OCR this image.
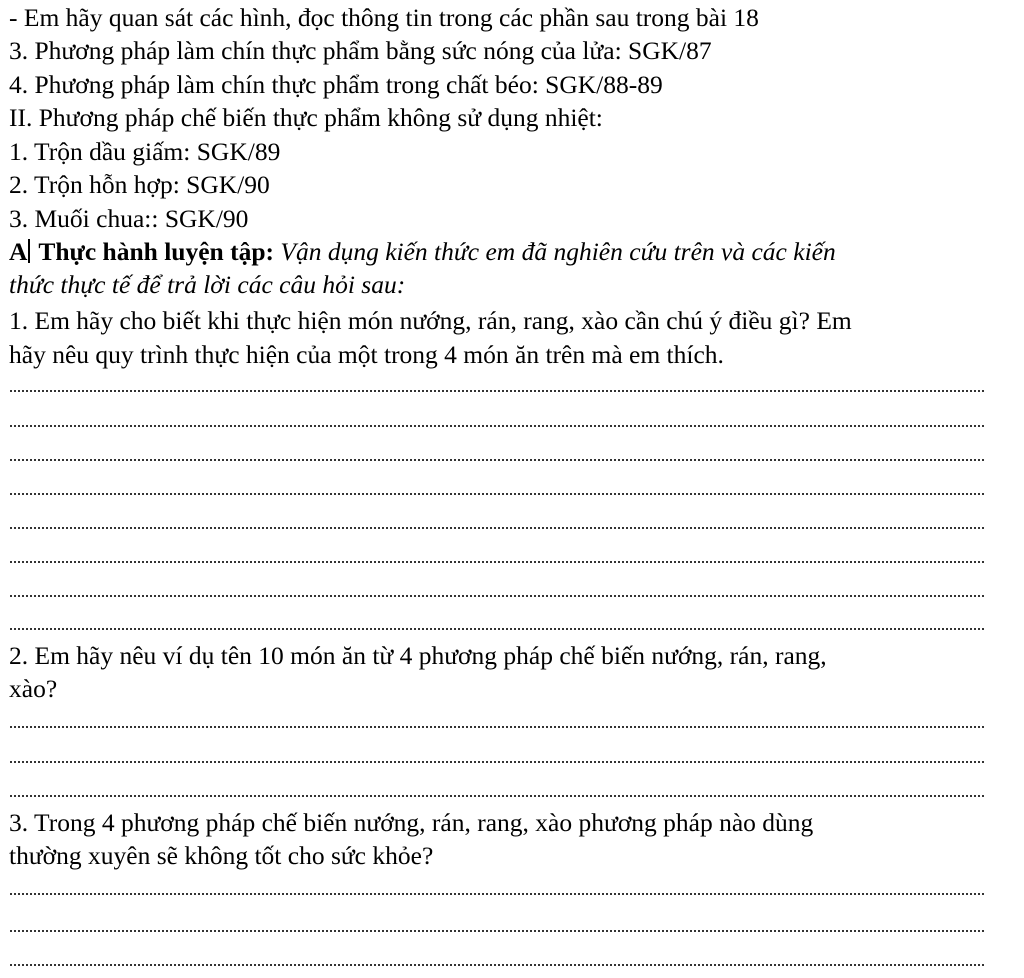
- Em hãy quan sát các hình, đọc thông tin trong các phần sau trong bài 18
3. Phương pháp làm chín thực phẩm bằng sức nóng của lửa: SGK/87
4. Phương pháp làm chín thực phẩm trong chất béo: SGK/88-89
II. Phương pháp chế biến thực phẩm không sử dụng nhiệt:
1. Trộn dầu giấm: SGK/89
2. Trộn hỗn hợp: SGK/90
3. Muối chua:: SGK/90
A Thực hành luyện tập: Vận dụng kiến thức em đã nghiên cứu trên và các kiến
thức thực tế để trả lời các câu hỏi sau:
1. Em hãy cho biết khi thực hiện món nướng, rán, rang, xào cần chú ý điều gì? Em
hãy nêu quy trình thực hiện của một trong 4 món ăn trên mà em thích.
2. Em hãy nêu ví dụ tên 10 món ăn từ 4 phương pháp chế biến nướng, rán, rang,
xào?
3. Trong 4 phương pháp chế biến nướng, rán, rang, xào phương pháp nào dùng
thường xuyên sẽ không tốt cho sức khỏe?
